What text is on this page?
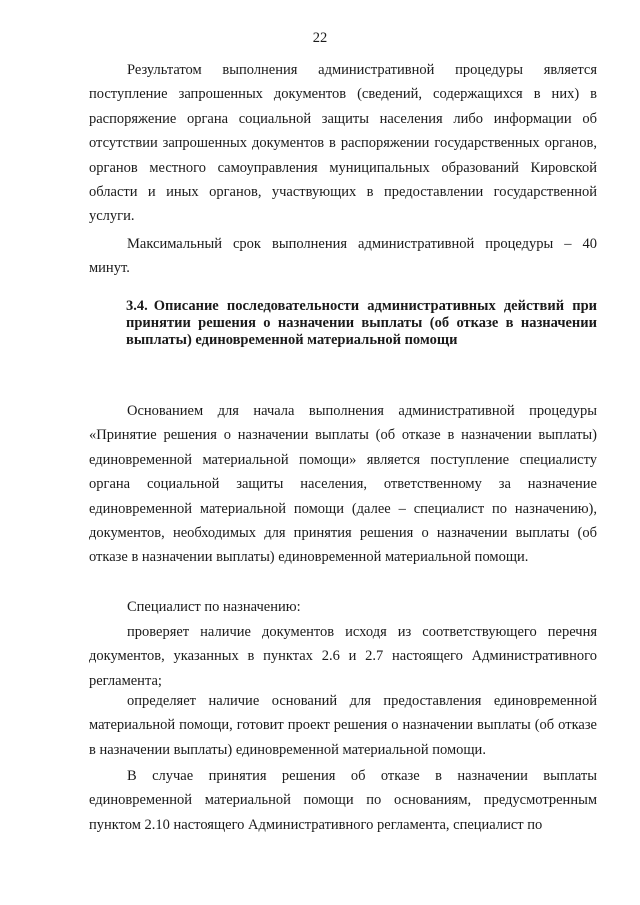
22

Результатом выполнения административной процедуры является поступление запрошенных документов (сведений, содержащихся в них) в распоряжение органа социальной защиты населения либо информации об отсутствии запрошенных документов в распоряжении государственных органов, органов местного самоуправления муниципальных образований Кировской области и иных органов, участвующих в предоставлении государственной услуги.

Максимальный срок выполнения административной процедуры – 40 минут.

3.4. Описание последовательности административных действий при принятии решения о назначении выплаты (об отказе в назначении выплаты) единовременной материальной помощи

Основанием для начала выполнения административной процедуры «Принятие решения о назначении выплаты (об отказе в назначении выплаты) единовременной материальной помощи» является поступление специалисту органа социальной защиты населения, ответственному за назначение единовременной материальной помощи (далее – специалист по назначению), документов, необходимых для принятия решения о назначении выплаты (об отказе в назначении выплаты) единовременной материальной помощи.

Специалист по назначению:

проверяет наличие документов исходя из соответствующего перечня документов, указанных в пунктах 2.6 и 2.7 настоящего Административного регламента;

определяет наличие оснований для предоставления единовременной материальной помощи, готовит проект решения о назначении выплаты (об отказе в назначении выплаты) единовременной материальной помощи.

В случае принятия решения об отказе в назначении выплаты единовременной материальной помощи по основаниям, предусмотренным пунктом 2.10 настоящего Административного регламента, специалист по
